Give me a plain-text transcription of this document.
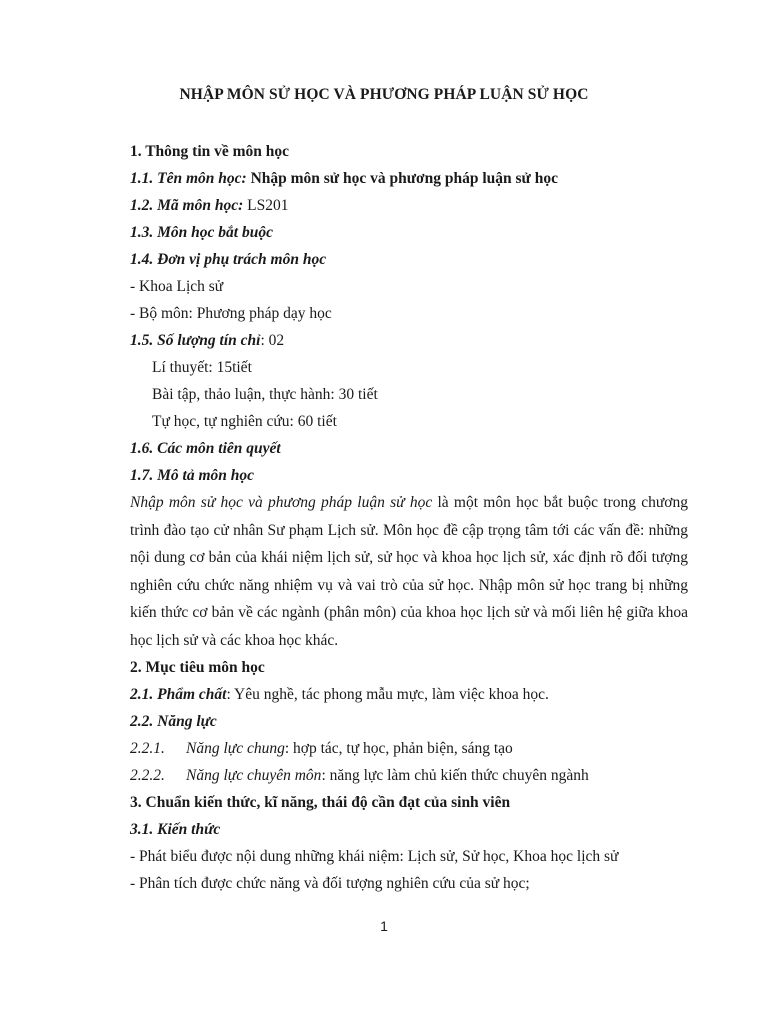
NHẬP MÔN SỬ HỌC VÀ PHƯƠNG PHÁP LUẬN SỬ HỌC
1. Thông tin về môn học
1.1. Tên môn học: Nhập môn sử học và phương pháp luận sử học
1.2. Mã môn học: LS201
1.3. Môn học bắt buộc
1.4. Đơn vị phụ trách môn học
- Khoa Lịch sử
- Bộ môn: Phương pháp dạy học
1.5. Số lượng tín chỉ: 02
Lí thuyết: 15tiết
Bài tập, thảo luận, thực hành: 30 tiết
Tự học, tự nghiên cứu: 60 tiết
1.6. Các môn tiên quyết
1.7. Mô tả môn học
Nhập môn sử học và phương pháp luận sử học là một môn học bắt buộc trong chương trình đào tạo cử nhân Sư phạm Lịch sử. Môn học đề cập trọng tâm tới các vấn đề: những nội dung cơ bản của khái niệm lịch sử, sử học và khoa học lịch sử, xác định rõ đối tượng nghiên cứu chức năng nhiệm vụ và vai trò của sử học. Nhập môn sử học trang bị những kiến thức cơ bản về các ngành (phân môn) của khoa học lịch sử và mối liên hệ giữa khoa học lịch sử và các khoa học khác.
2. Mục tiêu môn học
2.1. Phẩm chất: Yêu nghề, tác phong mẫu mực, làm việc khoa học.
2.2. Năng lực
2.2.1. Năng lực chung: hợp tác, tự học, phản biện, sáng tạo
2.2.2. Năng lực chuyên môn: năng lực làm chủ kiến thức chuyên ngành
3. Chuẩn kiến thức, kĩ năng, thái độ cần đạt của sinh viên
3.1. Kiến thức
- Phát biểu được nội dung những khái niệm: Lịch sử, Sử học, Khoa học lịch sử
- Phân tích được chức năng và đối tượng nghiên cứu của sử học;
1
